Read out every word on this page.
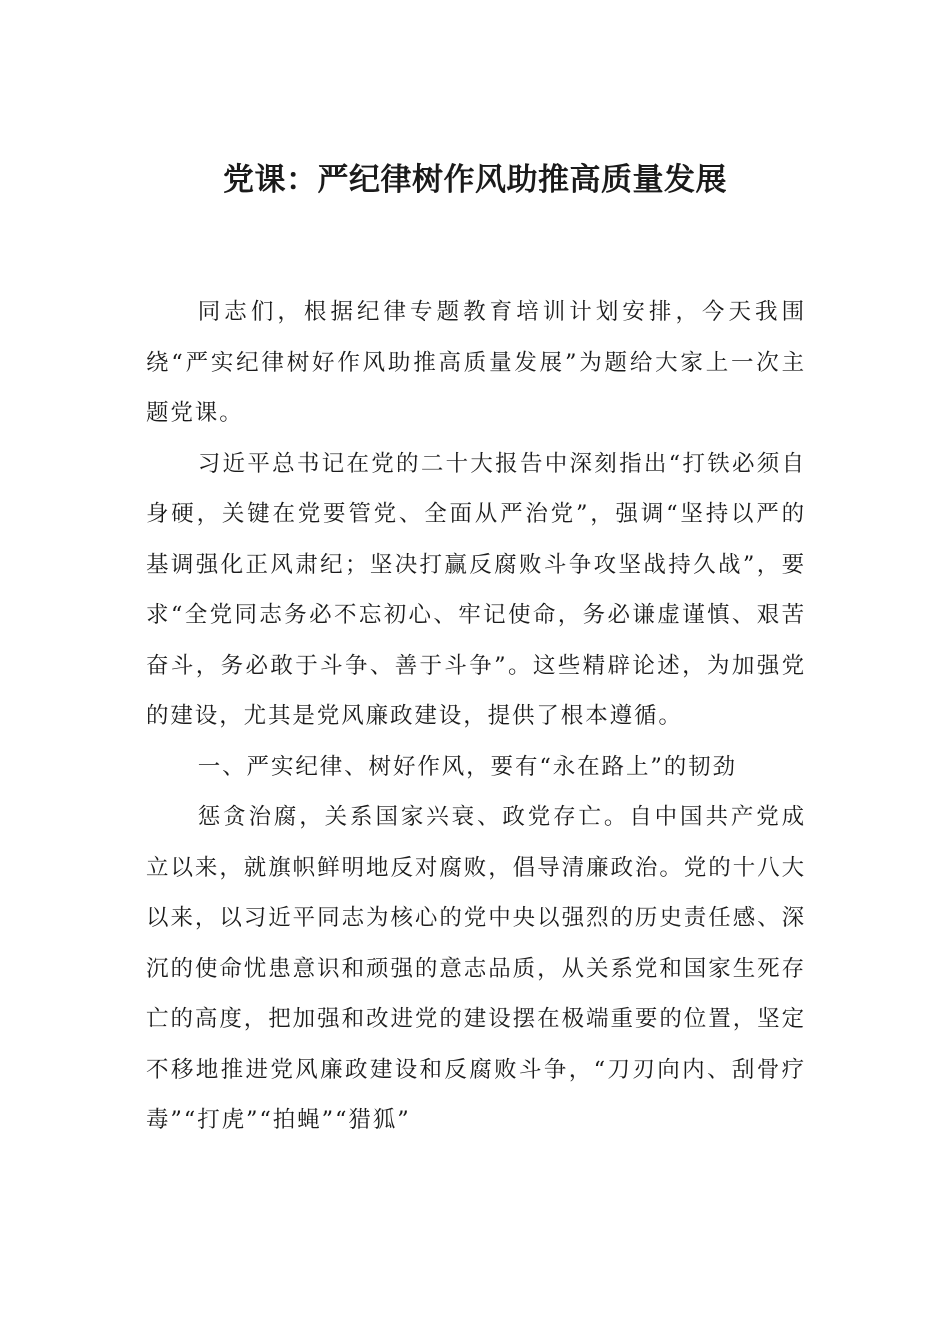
党课：严纪律树作风助推高质量发展

同志们，根据纪律专题教育培训计划安排，今天我围绕“严实纪律树好作风助推高质量发展”为题给大家上一次主题党课。

习近平总书记在党的二十大报告中深刻指出“打铁必须自身硬，关键在党要管党、全面从严治党”，强调“坚持以严的基调强化正风肃纪；坚决打赢反腐败斗争攻坚战持久战”，要求“全党同志务必不忘初心、牢记使命，务必谦虚谨慎、艰苦奋斗，务必敢于斗争、善于斗争”。这些精辟论述，为加强党的建设，尤其是党风廉政建设，提供了根本遵循。

一、严实纪律、树好作风，要有“永在路上”的韧劲

惩贪治腐，关系国家兴衰、政党存亡。自中国共产党成立以来，就旗帜鲜明地反对腐败，倡导清廉政治。党的十八大以来，以习近平同志为核心的党中央以强烈的历史责任感、深沉的使命忧患意识和顽强的意志品质，从关系党和国家生死存亡的高度，把加强和改进党的建设摆在极端重要的位置，坚定不移地推进党风廉政建设和反腐败斗争，“刀刃向内、刮骨疗毒”“打虎”“拍蝇”“猎狐”
